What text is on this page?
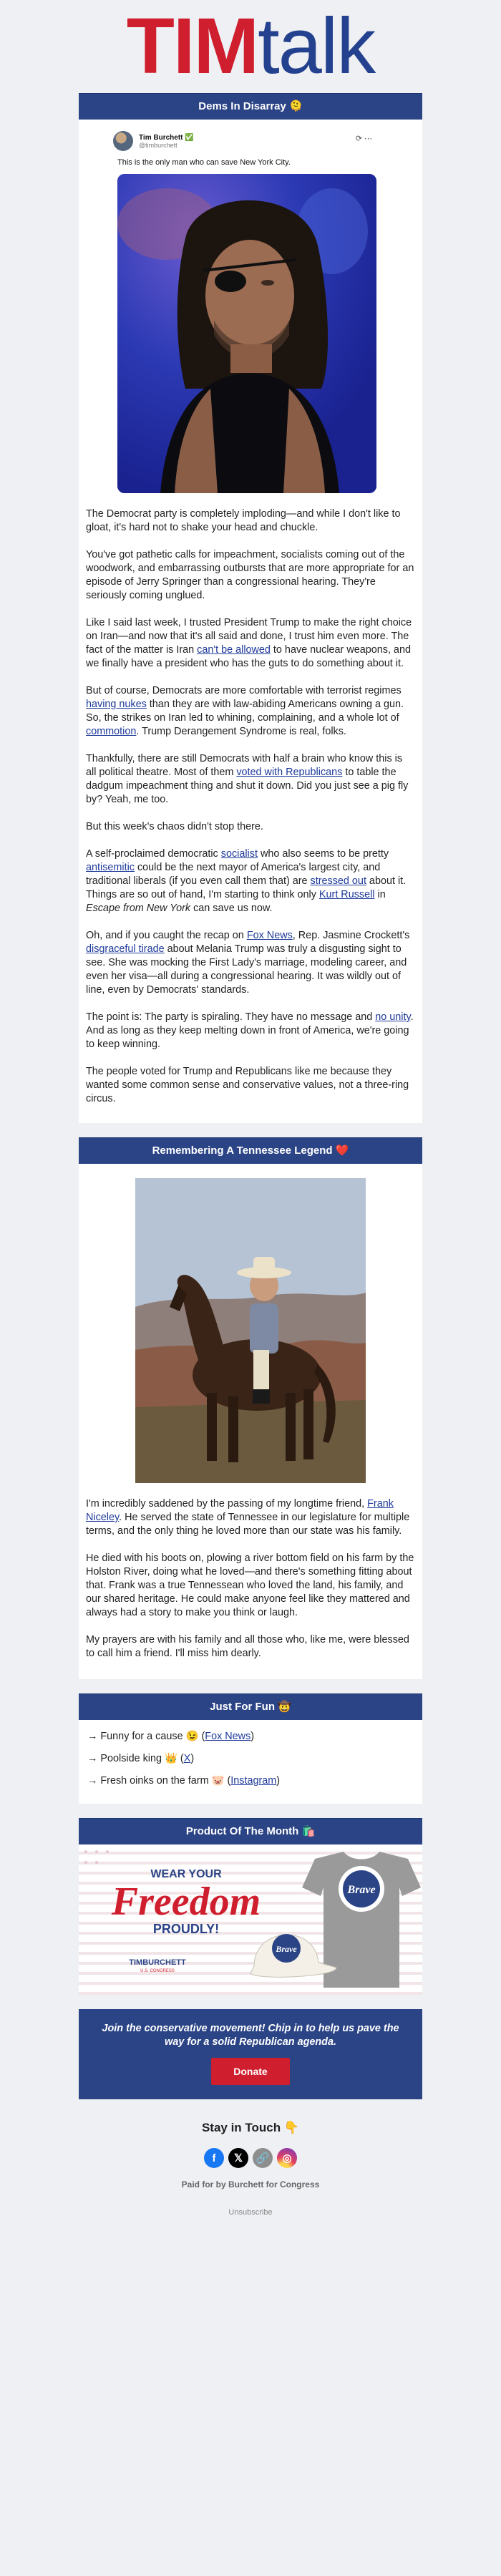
TIM talk
Dems In Disarray 🫠
Tim Burchett ✅
@timburchett
⟳ ⋯
This is the only man who can save New York City.

The Democrat party is completely imploding—and while I don't like to gloat, it's hard not to shake your head and chuckle.

You've got pathetic calls for impeachment, socialists coming out of the woodwork, and embarrassing outbursts that are more appropriate for an episode of Jerry Springer than a congressional hearing. They're seriously coming unglued.

Like I said last week, I trusted President Trump to make the right choice on Iran—and now that it's all said and done, I trust him even more. The fact of the matter is Iran can't be allowed to have nuclear weapons, and we finally have a president who has the guts to do something about it.

But of course, Democrats are more comfortable with terrorist regimes having nukes than they are with law-abiding Americans owning a gun. So, the strikes on Iran led to whining, complaining, and a whole lot of commotion. Trump Derangement Syndrome is real, folks.

Thankfully, there are still Democrats with half a brain who know this is all political theatre. Most of them voted with Republicans to table the dadgum impeachment thing and shut it down. Did you just see a pig fly by? Yeah, me too.

But this week's chaos didn't stop there.

A self-proclaimed democratic socialist who also seems to be pretty antisemitic could be the next mayor of America's largest city, and traditional liberals (if you even call them that) are stressed out about it. Things are so out of hand, I'm starting to think only Kurt Russell in Escape from New York can save us now.

Oh, and if you caught the recap on Fox News, Rep. Jasmine Crockett's disgraceful tirade about Melania Trump was truly a disgusting sight to see. She was mocking the First Lady's marriage, modeling career, and even her visa—all during a congressional hearing. It was wildly out of line, even by Democrats' standards.

The point is: The party is spiraling. They have no message and no unity. And as long as they keep melting down in front of America, we're going to keep winning.

The people voted for Trump and Republicans like me because they wanted some common sense and conservative values, not a three-ring circus.

Remembering A Tennessee Legend ❤️

I'm incredibly saddened by the passing of my longtime friend, Frank Niceley. He served the state of Tennessee in our legislature for multiple terms, and the only thing he loved more than our state was his family.

He died with his boots on, plowing a river bottom field on his farm by the Holston River, doing what he loved—and there's something fitting about that. Frank was a true Tennessean who loved the land, his family, and our shared heritage. He could make anyone feel like they mattered and always had a story to make you think or laugh.

My prayers are with his family and all those who, like me, were blessed to call him a friend. I'll miss him dearly.

Just For Fun 🤠
→ Funny for a cause 😉 (Fox News)
→ Poolside king 👑 (X)
→ Fresh oinks on the farm 🐷 (Instagram)
Product Of The Month 🛍️
WEAR YOUR
Freedom
PROUDLY!
TIMBURCHETT
U.S. CONGRESS
Brave
Brave
Join the conservative movement! Chip in to help us pave the way for a solid Republican agenda.
Donate
Stay in Touch 👇
f	𝕏	🔗	◎
Paid for by Burchett for Congress
Unsubscribe
